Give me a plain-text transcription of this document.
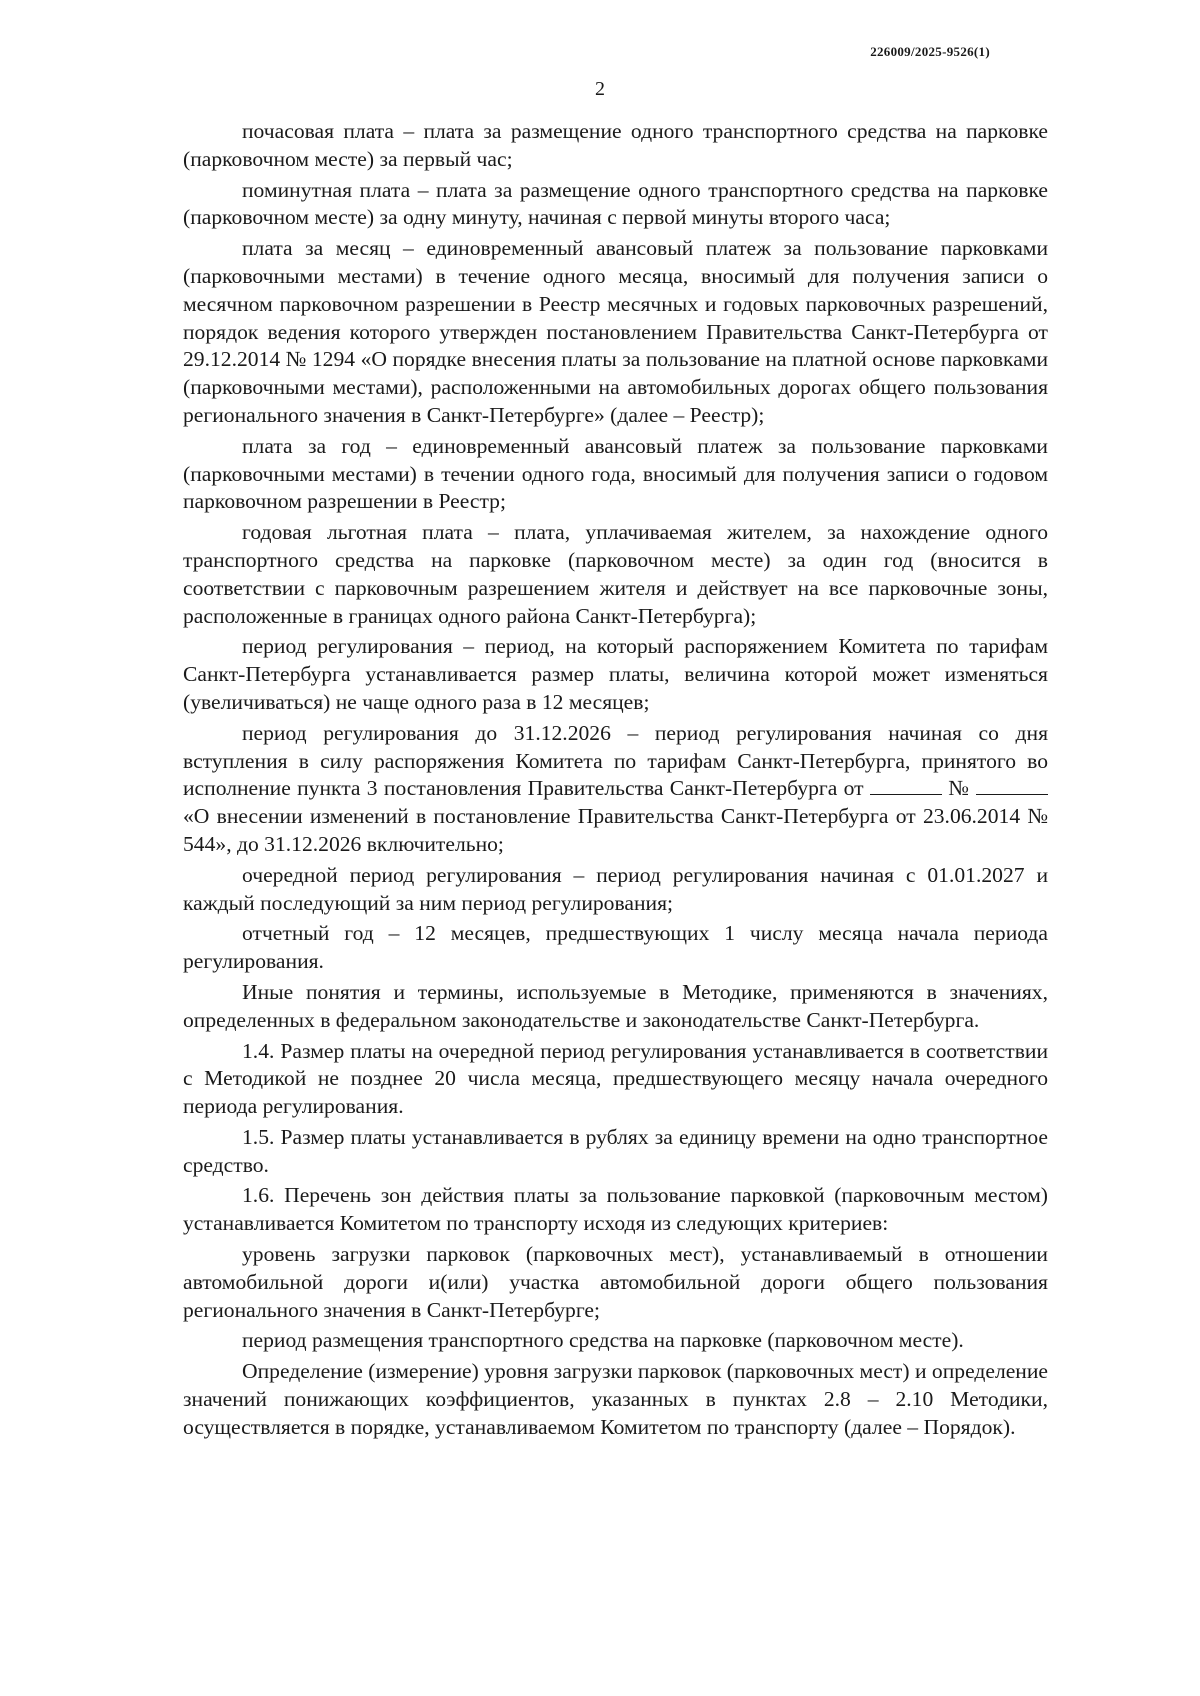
226009/2025-9526(1)
2

почасовая плата – плата за размещение одного транспортного средства на парковке (парковочном месте) за первый час;

поминутная плата – плата за размещение одного транспортного средства на парковке (парковочном месте) за одну минуту, начиная с первой минуты второго часа;

плата за месяц – единовременный авансовый платеж за пользование парковками (парковочными местами) в течение одного месяца, вносимый для получения записи о месячном парковочном разрешении в Реестр месячных и годовых парковочных разрешений, порядок ведения которого утвержден постановлением Правительства Санкт-Петербурга от 29.12.2014 № 1294 «О порядке внесения платы за пользование на платной основе парковками (парковочными местами), расположенными на автомобильных дорогах общего пользования регионального значения в Санкт-Петербурге» (далее – Реестр);

плата за год – единовременный авансовый платеж за пользование парковками (парковочными местами) в течении одного года, вносимый для получения записи о годовом парковочном разрешении в Реестр;

годовая льготная плата – плата, уплачиваемая жителем, за нахождение одного транспортного средства на парковке (парковочном месте) за один год (вносится в соответствии с парковочным разрешением жителя и действует на все парковочные зоны, расположенные в границах одного района Санкт-Петербурга);

период регулирования – период, на который распоряжением Комитета по тарифам Санкт-Петербурга устанавливается размер платы, величина которой может изменяться (увеличиваться) не чаще одного раза в 12 месяцев;

период регулирования до 31.12.2026 – период регулирования начиная со дня вступления в силу распоряжения Комитета по тарифам Санкт-Петербурга, принятого во исполнение пункта 3 постановления Правительства Санкт-Петербурга от	№  «О внесении изменений в постановление Правительства Санкт-Петербурга от 23.06.2014 № 544», до 31.12.2026 включительно;

очередной период регулирования – период регулирования начиная с 01.01.2027 и каждый последующий за ним период регулирования;

отчетный год – 12 месяцев, предшествующих 1 числу месяца начала периода регулирования.

Иные понятия и термины, используемые в Методике, применяются в значениях, определенных в федеральном законодательстве и законодательстве Санкт-Петербурга.

1.4. Размер платы на очередной период регулирования устанавливается в соответствии с Методикой не позднее 20 числа месяца, предшествующего месяцу начала очередного периода регулирования.

1.5. Размер платы устанавливается в рублях за единицу времени на одно транспортное средство.

1.6. Перечень зон действия платы за пользование парковкой (парковочным местом) устанавливается Комитетом по транспорту исходя из следующих критериев:

уровень загрузки парковок (парковочных мест), устанавливаемый в отношении автомобильной дороги и(или) участка автомобильной дороги общего пользования регионального значения в Санкт-Петербурге;

период размещения транспортного средства на парковке (парковочном месте).

Определение (измерение) уровня загрузки парковок (парковочных мест) и определение значений понижающих коэффициентов, указанных в пунктах 2.8 – 2.10 Методики, осуществляется в порядке, устанавливаемом Комитетом по транспорту (далее – Порядок).
